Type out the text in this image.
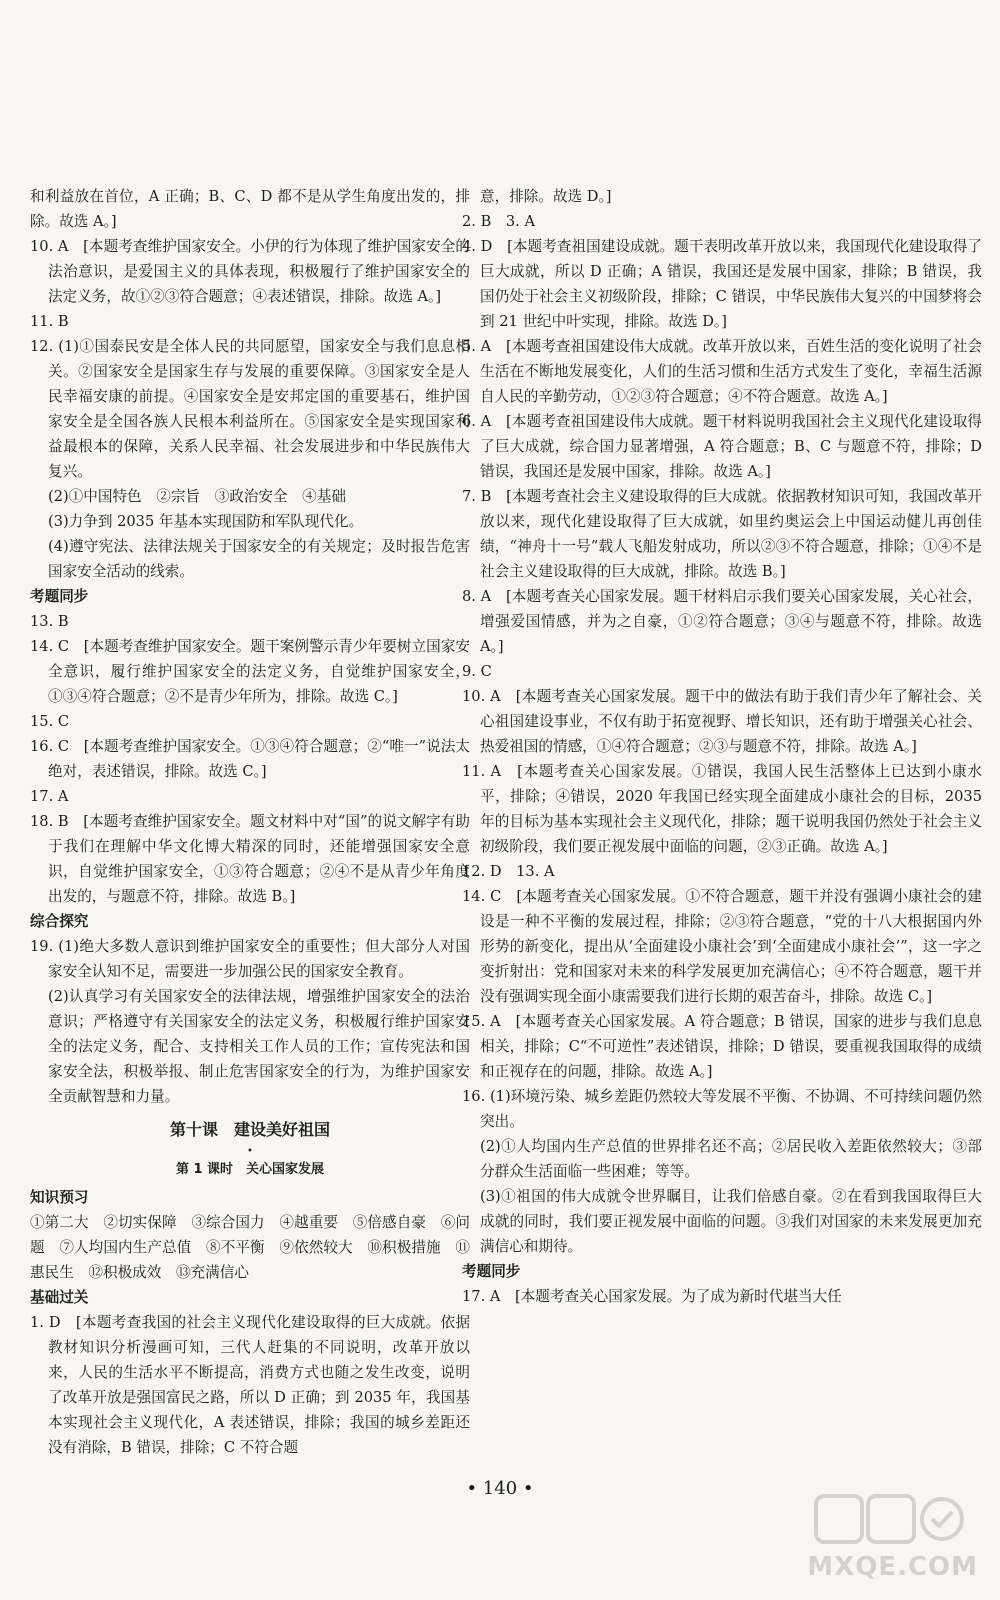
和利益放在首位，A 正确；B、C、D 都不是从学生角度出发的，排除。故选 A。]

10. A　[本题考查维护国家安全。小伊的行为体现了维护国家安全的法治意识，是爱国主义的具体表现，积极履行了维护国家安全的法定义务，故①②③符合题意；④表述错误，排除。故选 A。]

11. B

12. (1)①国泰民安是全体人民的共同愿望，国家安全与我们息息相关。②国家安全是国家生存与发展的重要保障。③国家安全是人民幸福安康的前提。④国家安全是安邦定国的重要基石，维护国家安全是全国各族人民根本利益所在。⑤国家安全是实现国家利益最根本的保障，关系人民幸福、社会发展进步和中华民族伟大复兴。

(2)①中国特色　②宗旨　③政治安全　④基础

(3)力争到 2035 年基本实现国防和军队现代化。

(4)遵守宪法、法律法规关于国家安全的有关规定；及时报告危害国家安全活动的线索。

考题同步

13. B

14. C　[本题考查维护国家安全。题干案例警示青少年要树立国家安全意识，履行维护国家安全的法定义务，自觉维护国家安全，①③④符合题意；②不是青少年所为，排除。故选 C。]

15. C

16. C　[本题考查维护国家安全。①③④符合题意；②“唯一”说法太绝对，表述错误，排除。故选 C。]

17. A

18. B　[本题考查维护国家安全。题文材料中对“国”的说文解字有助于我们在理解中华文化博大精深的同时，还能增强国家安全意识，自觉维护国家安全，①③符合题意；②④不是从青少年角度出发的，与题意不符，排除。故选 B。]

综合探究

19. (1)绝大多数人意识到维护国家安全的重要性；但大部分人对国家安全认知不足，需要进一步加强公民的国家安全教育。

(2)认真学习有关国家安全的法律法规，增强维护国家安全的法治意识；严格遵守有关国家安全的法定义务，积极履行维护国家安全的法定义务，配合、支持相关工作人员的工作；宣传宪法和国家安全法，积极举报、制止危害国家安全的行为，为维护国家安全贡献智慧和力量。

第十课　建设美好祖国

•

第 1 课时　关心国家发展

知识预习

①第二大　②切实保障　③综合国力　④越重要　⑤倍感自豪　⑥问题　⑦人均国内生产总值　⑧不平衡　⑨依然较大　⑩积极措施　⑪惠民生　⑫积极成效　⑬充满信心

基础过关

1. D　[本题考查我国的社会主义现代化建设取得的巨大成就。依据教材知识分析漫画可知，三代人赶集的不同说明，改革开放以来，人民的生活水平不断提高，消费方式也随之发生改变，说明了改革开放是强国富民之路，所以 D 正确；到 2035 年，我国基本实现社会主义现代化，A 表述错误，排除；我国的城乡差距还没有消除，B 错误，排除；C 不符合题

意，排除。故选 D。]

2. B　3. A

4. D　[本题考查祖国建设成就。题干表明改革开放以来，我国现代化建设取得了巨大成就，所以 D 正确；A 错误，我国还是发展中国家，排除；B 错误，我国仍处于社会主义初级阶段，排除；C 错误，中华民族伟大复兴的中国梦将会到 21 世纪中叶实现，排除。故选 D。]

5. A　[本题考查祖国建设伟大成就。改革开放以来，百姓生活的变化说明了社会生活在不断地发展变化，人们的生活习惯和生活方式发生了变化，幸福生活源自人民的辛勤劳动，①②③符合题意；④不符合题意。故选 A。]

6. A　[本题考查祖国建设伟大成就。题干材料说明我国社会主义现代化建设取得了巨大成就，综合国力显著增强，A 符合题意；B、C 与题意不符，排除；D 错误，我国还是发展中国家，排除。故选 A。]

7. B　[本题考查社会主义建设取得的巨大成就。依据教材知识可知，我国改革开放以来，现代化建设取得了巨大成就，如里约奥运会上中国运动健儿再创佳绩，“神舟十一号”载人飞船发射成功，所以②③不符合题意，排除；①④不是社会主义建设取得的巨大成就，排除。故选 B。]

8. A　[本题考查关心国家发展。题干材料启示我们要关心国家发展，关心社会，增强爱国情感，并为之自豪，①②符合题意；③④与题意不符，排除。故选 A。]

9. C

10. A　[本题考查关心国家发展。题干中的做法有助于我们青少年了解社会、关心祖国建设事业，不仅有助于拓宽视野、增长知识，还有助于增强关心社会、热爱祖国的情感，①④符合题意；②③与题意不符，排除。故选 A。]

11. A　[本题考查关心国家发展。①错误，我国人民生活整体上已达到小康水平，排除；④错误，2020 年我国已经实现全面建成小康社会的目标，2035 年的目标为基本实现社会主义现代化，排除；题干说明我国仍然处于社会主义初级阶段，我们要正视发展中面临的问题，②③正确。故选 A。]

12. D　13. A

14. C　[本题考查关心国家发展。①不符合题意，题干并没有强调小康社会的建设是一种不平衡的发展过程，排除；②③符合题意，“党的十八大根据国内外形势的新变化，提出从‘全面建设小康社会’到‘全面建成小康社会’”，这一字之变折射出：党和国家对未来的科学发展更加充满信心；④不符合题意，题干并没有强调实现全面小康需要我们进行长期的艰苦奋斗，排除。故选 C。]

15. A　[本题考查关心国家发展。A 符合题意；B 错误，国家的进步与我们息息相关，排除；C“不可逆性”表述错误，排除；D 错误，要重视我国取得的成绩和正视存在的问题，排除。故选 A。]

16. (1)环境污染、城乡差距仍然较大等发展不平衡、不协调、不可持续问题仍然突出。

(2)①人均国内生产总值的世界排名还不高；②居民收入差距依然较大；③部分群众生活面临一些困难；等等。

(3)①祖国的伟大成就令世界瞩目，让我们倍感自豪。②在看到我国取得巨大成就的同时，我们要正视发展中面临的问题。③我们对国家的未来发展更加充满信心和期待。

考题同步

17. A　[本题考查关心国家发展。为了成为新时代堪当大任

• 140 •
MXQE.COM
